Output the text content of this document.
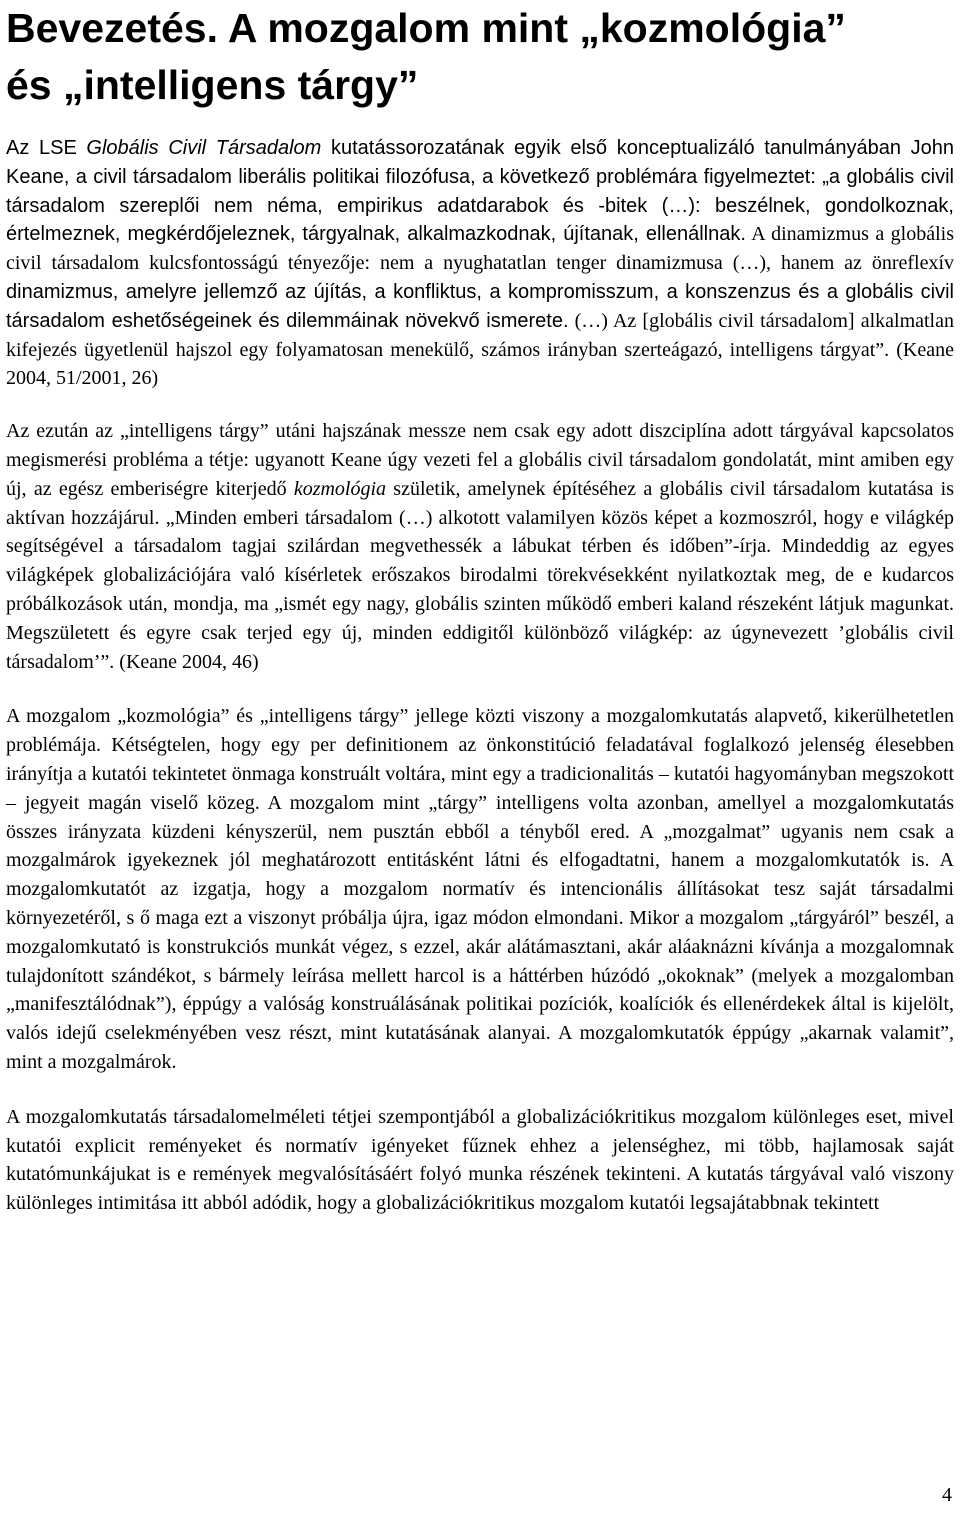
Bevezetés. A mozgalom mint „kozmológia”
és „intelligens tárgy”

Az LSE Globális Civil Társadalom kutatássorozatának egyik első konceptualizáló tanulmányában John Keane, a civil társadalom liberális politikai filozófusa, a következő problémára figyelmeztet: „a globális civil társadalom szereplői nem néma, empirikus adatdarabok és -bitek (…): beszélnek, gondolkoznak, értelmeznek, megkérdőjeleznek, tárgyalnak, alkalmazkodnak, újítanak, ellenállnak. A dinamizmus a globális civil társadalom kulcsfontosságú tényezője: nem a nyughatatlan tenger dinamizmusa (…), hanem az önreflexív dinamizmus, amelyre jellemző az újítás, a konfliktus, a kompromisszum, a konszenzus és a globális civil társadalom eshetőségeinek és dilemmáinak növekvő ismerete. (…) Az [globális civil társadalom] alkalmatlan kifejezés ügyetlenül hajszol egy folyamatosan menekülő, számos irányban szerteágazó, intelligens tárgyat”. (Keane 2004, 51/2001, 26)

Az ezután az „intelligens tárgy” utáni hajszának messze nem csak egy adott diszciplína adott tárgyával kapcsolatos megismerési probléma a tétje: ugyanott Keane úgy vezeti fel a globális civil társadalom gondolatát, mint amiben egy új, az egész emberiségre kiterjedő kozmológia születik, amelynek építéséhez a globális civil társadalom kutatása is aktívan hozzájárul. „Minden emberi társadalom (…) alkotott valamilyen közös képet a kozmoszról, hogy e világkép segítségével a társadalom tagjai szilárdan megvethessék a lábukat térben és időben”-írja. Mindeddig az egyes világképek globalizációjára való kísérletek erőszakos birodalmi törekvésekként nyilatkoztak meg, de e kudarcos próbálkozások után, mondja, ma „ismét egy nagy, globális szinten működő emberi kaland részeként látjuk magunkat. Megszületett és egyre csak terjed egy új, minden eddigitől különböző világkép: az úgynevezett ’globális civil társadalom’”. (Keane 2004, 46)

A mozgalom „kozmológia” és „intelligens tárgy” jellege közti viszony a mozgalomkutatás alapvető, kikerülhetetlen problémája. Kétségtelen, hogy egy per definitionem az önkonstitúció feladatával foglalkozó jelenség élesebben irányítja a kutatói tekintetet önmaga konstruált voltára, mint egy a tradicionalitás – kutatói hagyományban megszokott – jegyeit magán viselő közeg. A mozgalom mint „tárgy” intelligens volta azonban, amellyel a mozgalomkutatás összes irányzata küzdeni kényszerül, nem pusztán ebből a tényből ered. A „mozgalmat” ugyanis nem csak a mozgalmárok igyekeznek jól meghatározott entitásként látni és elfogadtatni, hanem a mozgalomkutatók is. A mozgalomkutatót az izgatja, hogy a mozgalom normatív és intencionális állításokat tesz saját társadalmi környezetéről, s ő maga ezt a viszonyt próbálja újra, igaz módon elmondani. Mikor a mozgalom „tárgyáról” beszél, a mozgalomkutató is konstrukciós munkát végez, s ezzel, akár alátámasztani, akár aláaknázni kívánja a mozgalomnak tulajdonított szándékot, s bármely leírása mellett harcol is a háttérben húzódó „okoknak” (melyek a mozgalomban „manifesztálódnak”), éppúgy a valóság konstruálásának politikai pozíciók, koalíciók és ellenérdekek által is kijelölt, valós idejű cselekményében vesz részt, mint kutatásának alanyai. A mozgalomkutatók éppúgy „akarnak valamit”, mint a mozgalmárok.

A mozgalomkutatás társadalomelméleti tétjei szempontjából a globalizációkritikus mozgalom különleges eset, mivel kutatói explicit reményeket és normatív igényeket fűznek ehhez a jelenséghez, mi több, hajlamosak saját kutatómunkájukat is e remények megvalósításáért folyó munka részének tekinteni. A kutatás tárgyával való viszony különleges intimitása itt abból adódik, hogy a globalizációkritikus mozgalom kutatói legsajátabbnak tekintett

4
